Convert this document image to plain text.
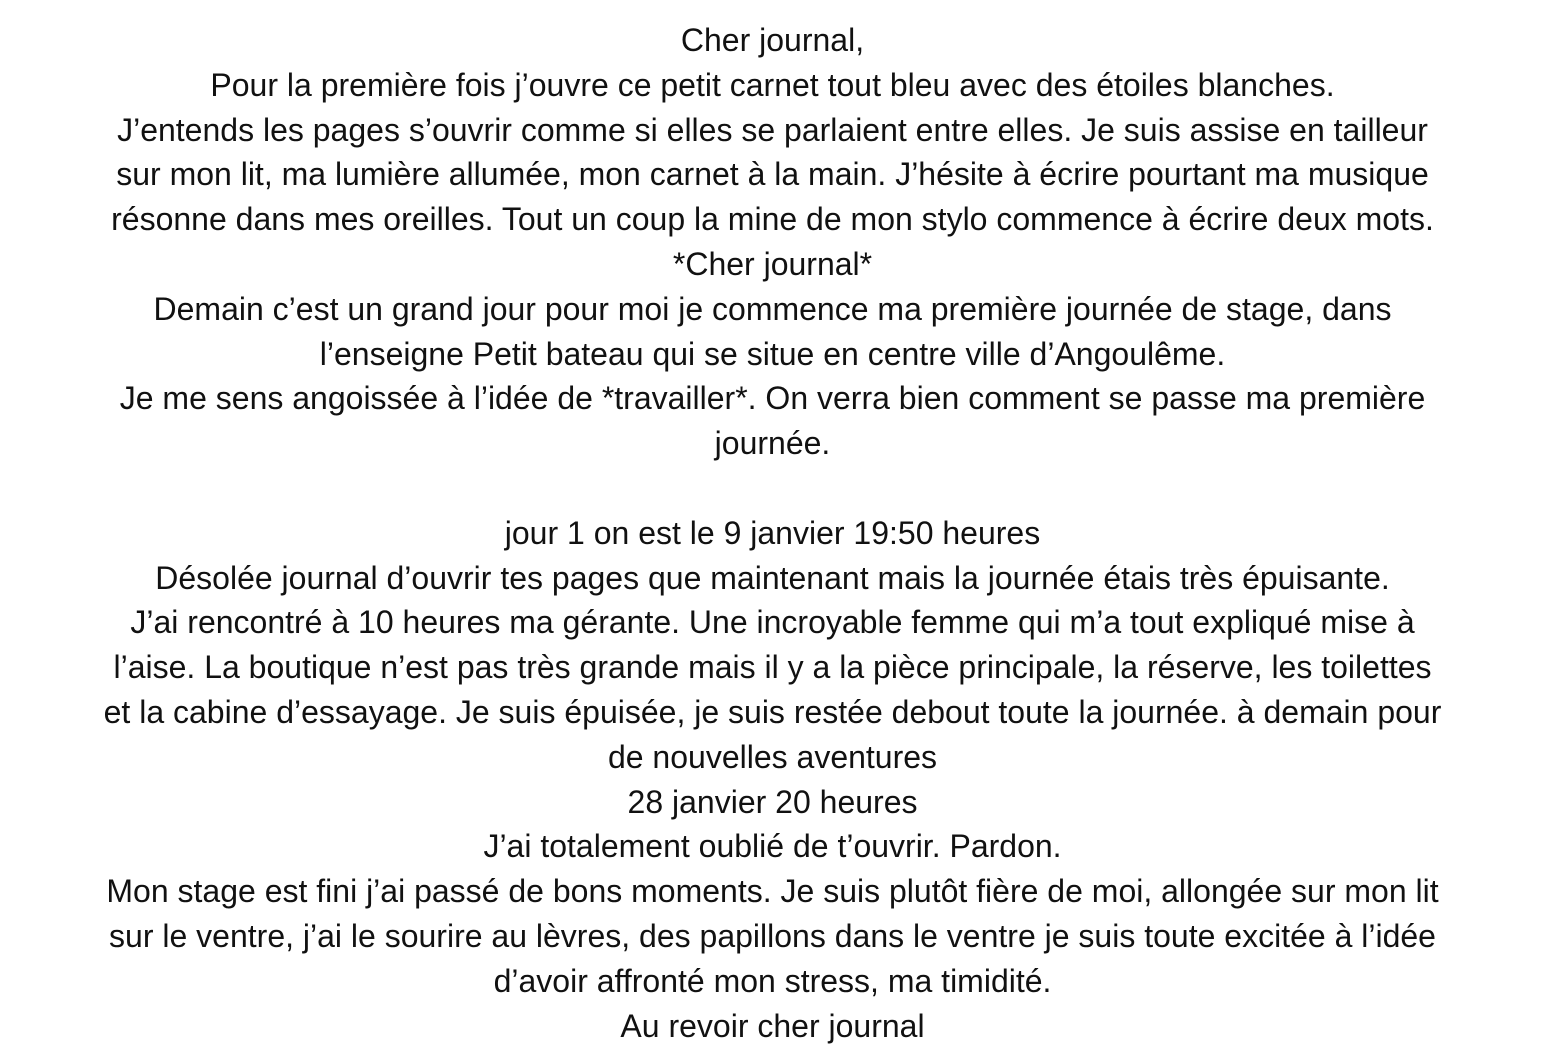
Cher journal,
Pour la première fois j’ouvre ce petit carnet tout bleu avec des étoiles blanches.
J’entends les pages s’ouvrir comme si elles se parlaient entre elles. Je suis assise en tailleur
sur mon lit, ma lumière allumée, mon carnet à la main. J’hésite à écrire pourtant ma musique
résonne dans mes oreilles. Tout un coup la mine de mon stylo commence à écrire deux mots.
*Cher journal*
Demain c’est un grand jour pour moi je commence ma première journée de stage, dans
l’enseigne Petit bateau qui se situe en centre ville d’Angoulême.
Je me sens angoissée à l’idée de *travailler*. On verra bien comment se passe ma première
journée.
jour 1 on est le 9 janvier 19:50 heures
Désolée journal d’ouvrir tes pages que maintenant mais la journée étais très épuisante.
J’ai rencontré à 10 heures ma gérante. Une incroyable femme qui m’a tout expliqué mise à
l’aise. La boutique n’est pas très grande mais il y a la pièce principale, la réserve, les toilettes
et la cabine d’essayage. Je suis épuisée, je suis restée debout toute la journée. à demain pour
de nouvelles aventures
28 janvier 20 heures
J’ai totalement oublié de t’ouvrir. Pardon.
Mon stage est fini j’ai passé de bons moments. Je suis plutôt fière de moi, allongée sur mon lit
sur le ventre, j’ai le sourire au lèvres, des papillons dans le ventre je suis toute excitée à l’idée
d’avoir affronté mon stress, ma timidité.
Au revoir cher journal
